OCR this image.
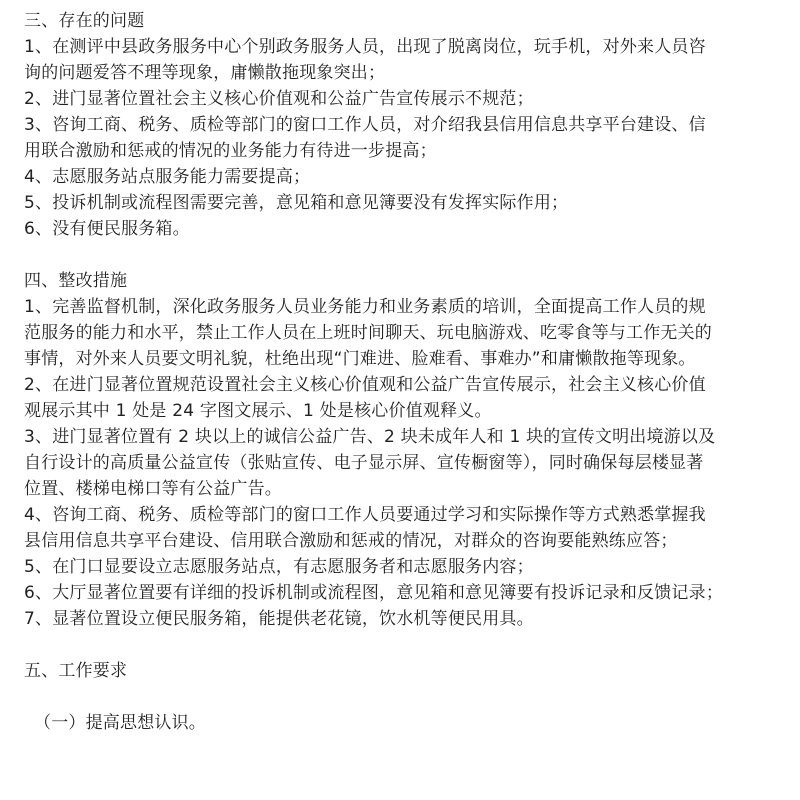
三、存在的问题
1、在测评中县政务服务中心个别政务服务人员，出现了脱离岗位，玩手机，对外来人员咨
询的问题爱答不理等现象，庸懒散拖现象突出；
2、进门显著位置社会主义核心价值观和公益广告宣传展示不规范；
3、咨询工商、税务、质检等部门的窗口工作人员，对介绍我县信用信息共享平台建设、信
用联合激励和惩戒的情况的业务能力有待进一步提高；
4、志愿服务站点服务能力需要提高；
5、投诉机制或流程图需要完善，意见箱和意见簿要没有发挥实际作用；
6、没有便民服务箱。
四、整改措施
1、完善监督机制，深化政务服务人员业务能力和业务素质的培训，全面提高工作人员的规
范服务的能力和水平，禁止工作人员在上班时间聊天、玩电脑游戏、吃零食等与工作无关的
事情，对外来人员要文明礼貌，杜绝出现“门难进、脸难看、事难办”和庸懒散拖等现象。
2、在进门显著位置规范设置社会主义核心价值观和公益广告宣传展示，社会主义核心价值
观展示其中 1 处是 24 字图文展示、1 处是核心价值观释义。
3、进门显著位置有 2 块以上的诚信公益广告、2 块未成年人和 1 块的宣传文明出境游以及
自行设计的高质量公益宣传（张贴宣传、电子显示屏、宣传橱窗等），同时确保每层楼显著
位置、楼梯电梯口等有公益广告。
4、咨询工商、税务、质检等部门的窗口工作人员要通过学习和实际操作等方式熟悉掌握我
县信用信息共享平台建设、信用联合激励和惩戒的情况，对群众的咨询要能熟练应答；
5、在门口显要设立志愿服务站点，有志愿服务者和志愿服务内容；
6、大厅显著位置要有详细的投诉机制或流程图，意见箱和意见簿要有投诉记录和反馈记录；
7、显著位置设立便民服务箱，能提供老花镜，饮水机等便民用具。
五、工作要求
（一）提高思想认识。
